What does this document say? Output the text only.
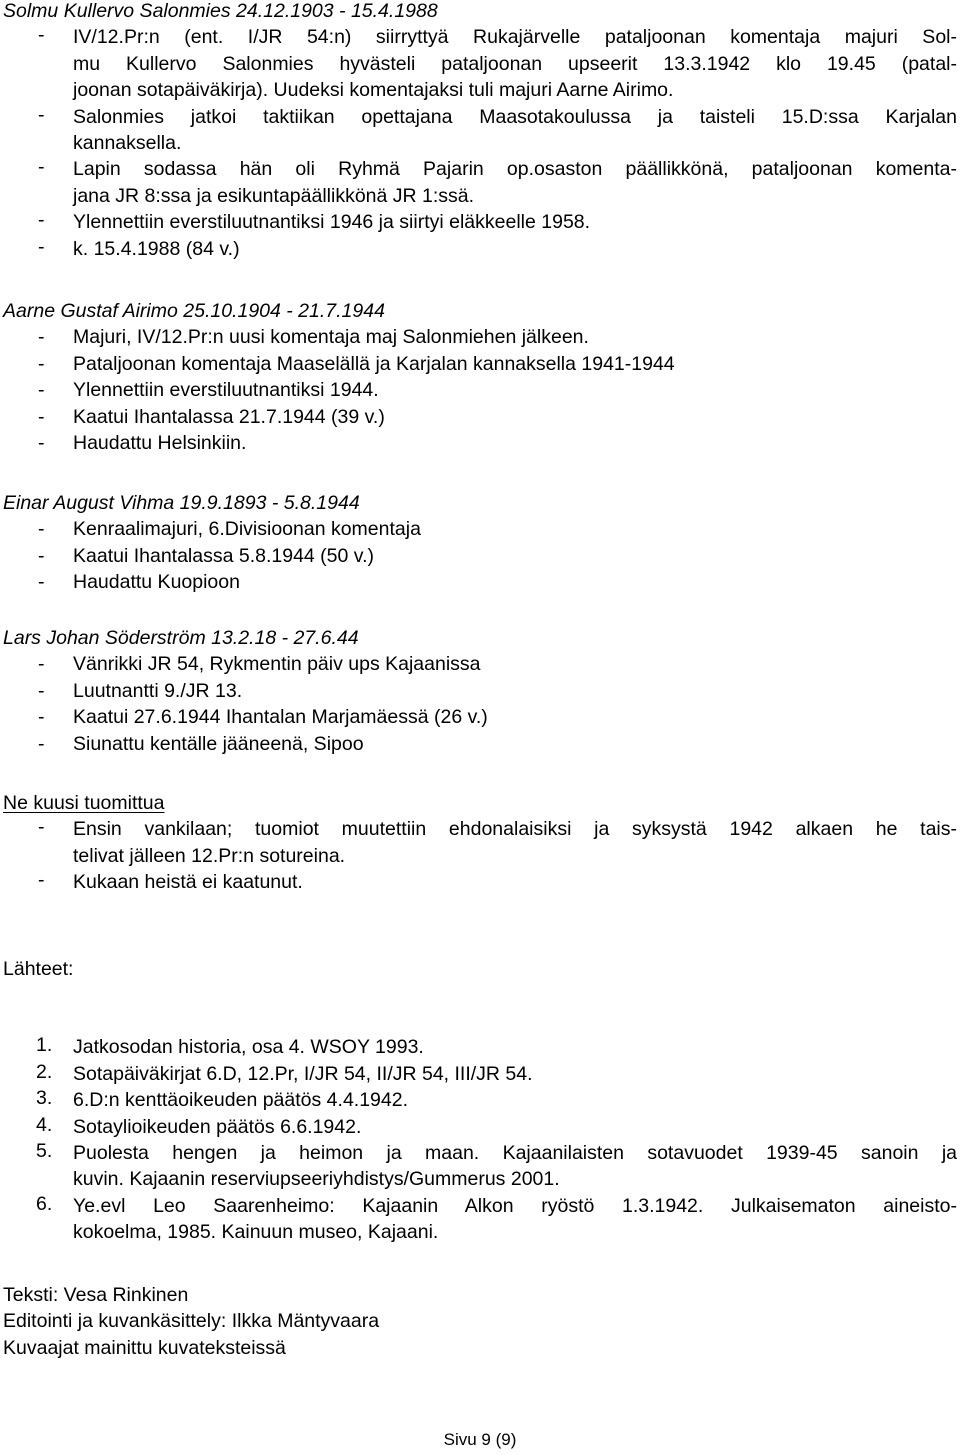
Solmu Kullervo Salonmies 24.12.1903 - 15.4.1988
- IV/12.Pr:n (ent. I/JR 54:n) siirryttyä Rukajärvelle pataljoonan komentaja majuri Sol-
mu Kullervo Salonmies hyvästeli pataljoonan upseerit 13.3.1942 klo 19.45 (patal-
joonan sotapäiväkirja). Uudeksi komentajaksi tuli majuri Aarne Airimo.
- Salonmies jatkoi taktiikan opettajana Maasotakoulussa ja taisteli 15.D:ssa Karjalan
kannaksella.
- Lapin sodassa hän oli Ryhmä Pajarin op.osaston päällikkönä, pataljoonan komenta-
jana JR 8:ssa ja esikuntapäällikkönä JR 1:ssä.
- Ylennettiin everstiluutnantiksi 1946 ja siirtyi eläkkeelle 1958.
- k. 15.4.1988 (84 v.)
Aarne Gustaf Airimo 25.10.1904 - 21.7.1944
- Majuri, IV/12.Pr:n uusi komentaja maj Salonmiehen jälkeen.
- Pataljoonan komentaja Maaselällä ja Karjalan kannaksella 1941-1944
- Ylennettiin everstiluutnantiksi 1944.
- Kaatui Ihantalassa 21.7.1944 (39 v.)
- Haudattu Helsinkiin.
Einar August Vihma 19.9.1893 - 5.8.1944
- Kenraalimajuri, 6.Divisioonan komentaja
- Kaatui Ihantalassa 5.8.1944 (50 v.)
- Haudattu Kuopioon
Lars Johan Söderström 13.2.18 - 27.6.44
- Vänrikki JR 54, Rykmentin päiv ups Kajaanissa
- Luutnantti 9./JR 13.
- Kaatui 27.6.1944 Ihantalan Marjamäessä (26 v.)
- Siunattu kentälle jääneenä, Sipoo
Ne kuusi tuomittua
- Ensin vankilaan; tuomiot muutettiin ehdonalaisiksi ja syksystä 1942 alkaen he tais-
telivat jälleen 12.Pr:n sotureina.
- Kukaan heistä ei kaatunut.
Lähteet:
1. Jatkosodan historia, osa 4. WSOY 1993.
2. Sotapäiväkirjat 6.D, 12.Pr, I/JR 54, II/JR 54, III/JR 54.
3. 6.D:n kenttäoikeuden päätös 4.4.1942.
4. Sotaylioikeuden päätös 6.6.1942.
5. Puolesta hengen ja heimon ja maan. Kajaanilaisten sotavuodet 1939-45 sanoin ja
kuvin. Kajaanin reserviupseeriyhdistys/Gummerus 2001.
6. Ye.evl Leo Saarenheimo: Kajaanin Alkon ryöstö 1.3.1942. Julkaisematon aineisto-
kokoelma, 1985. Kainuun museo, Kajaani.
Teksti: Vesa Rinkinen
Editointi ja kuvankäsittely: Ilkka Mäntyvaara
Kuvaajat mainittu kuvateksteissä
Sivu 9 (9)
